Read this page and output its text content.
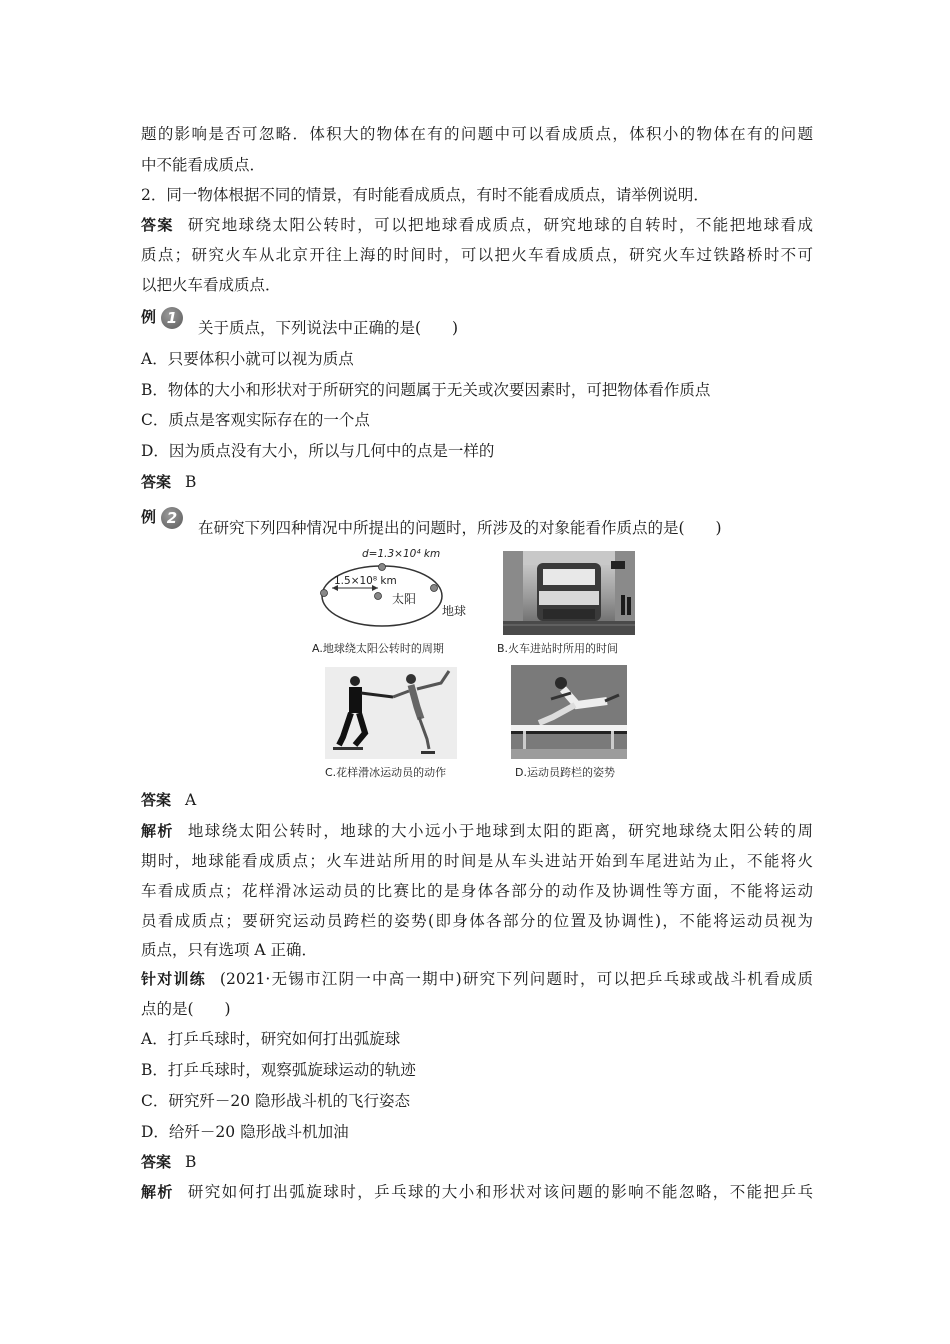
题的影响是否可忽略．体积大的物体在有的问题中可以看成质点，体积小的物体在有的问题
中不能看成质点．
2．同一物体根据不同的情景，有时能看成质点，有时不能看成质点，请举例说明．
答案 研究地球绕太阳公转时，可以把地球看成质点，研究地球的自转时，不能把地球看成
质点；研究火车从北京开往上海的时间时，可以把火车看成质点，研究火车过铁路桥时不可
以把火车看成质点．
例 1
关于质点，下列说法中正确的是(　　)
A．只要体积小就可以视为质点
B．物体的大小和形状对于所研究的问题属于无关或次要因素时，可把物体看作质点
C．质点是客观实际存在的一个点
D．因为质点没有大小，所以与几何中的点是一样的
答案 B
例 2
在研究下列四种情况中所提出的问题时，所涉及的对象能看作质点的是(　　)
d=1.3×10⁴ km
1.5×10⁸ km
太阳
地球
A.地球绕太阳公转时的周期	B.火车进站时所用的时间
C.花样滑冰运动员的动作	D.运动员跨栏的姿势
答案 A
解析 地球绕太阳公转时，地球的大小远小于地球到太阳的距离，研究地球绕太阳公转的周
期时，地球能看成质点；火车进站所用的时间是从车头进站开始到车尾进站为止，不能将火
车看成质点；花样滑冰运动员的比赛比的是身体各部分的动作及协调性等方面，不能将运动
员看成质点；要研究运动员跨栏的姿势(即身体各部分的位置及协调性)，不能将运动员视为
质点，只有选项 A 正确．
针对训练 (2021·无锡市江阴一中高一期中)研究下列问题时，可以把乒乓球或战斗机看成质
点的是(　　)
A．打乒乓球时，研究如何打出弧旋球
B．打乒乓球时，观察弧旋球运动的轨迹
C．研究歼－20 隐形战斗机的飞行姿态
D．给歼－20 隐形战斗机加油
答案 B
解析 研究如何打出弧旋球时，乒乓球的大小和形状对该问题的影响不能忽略，不能把乒乓
